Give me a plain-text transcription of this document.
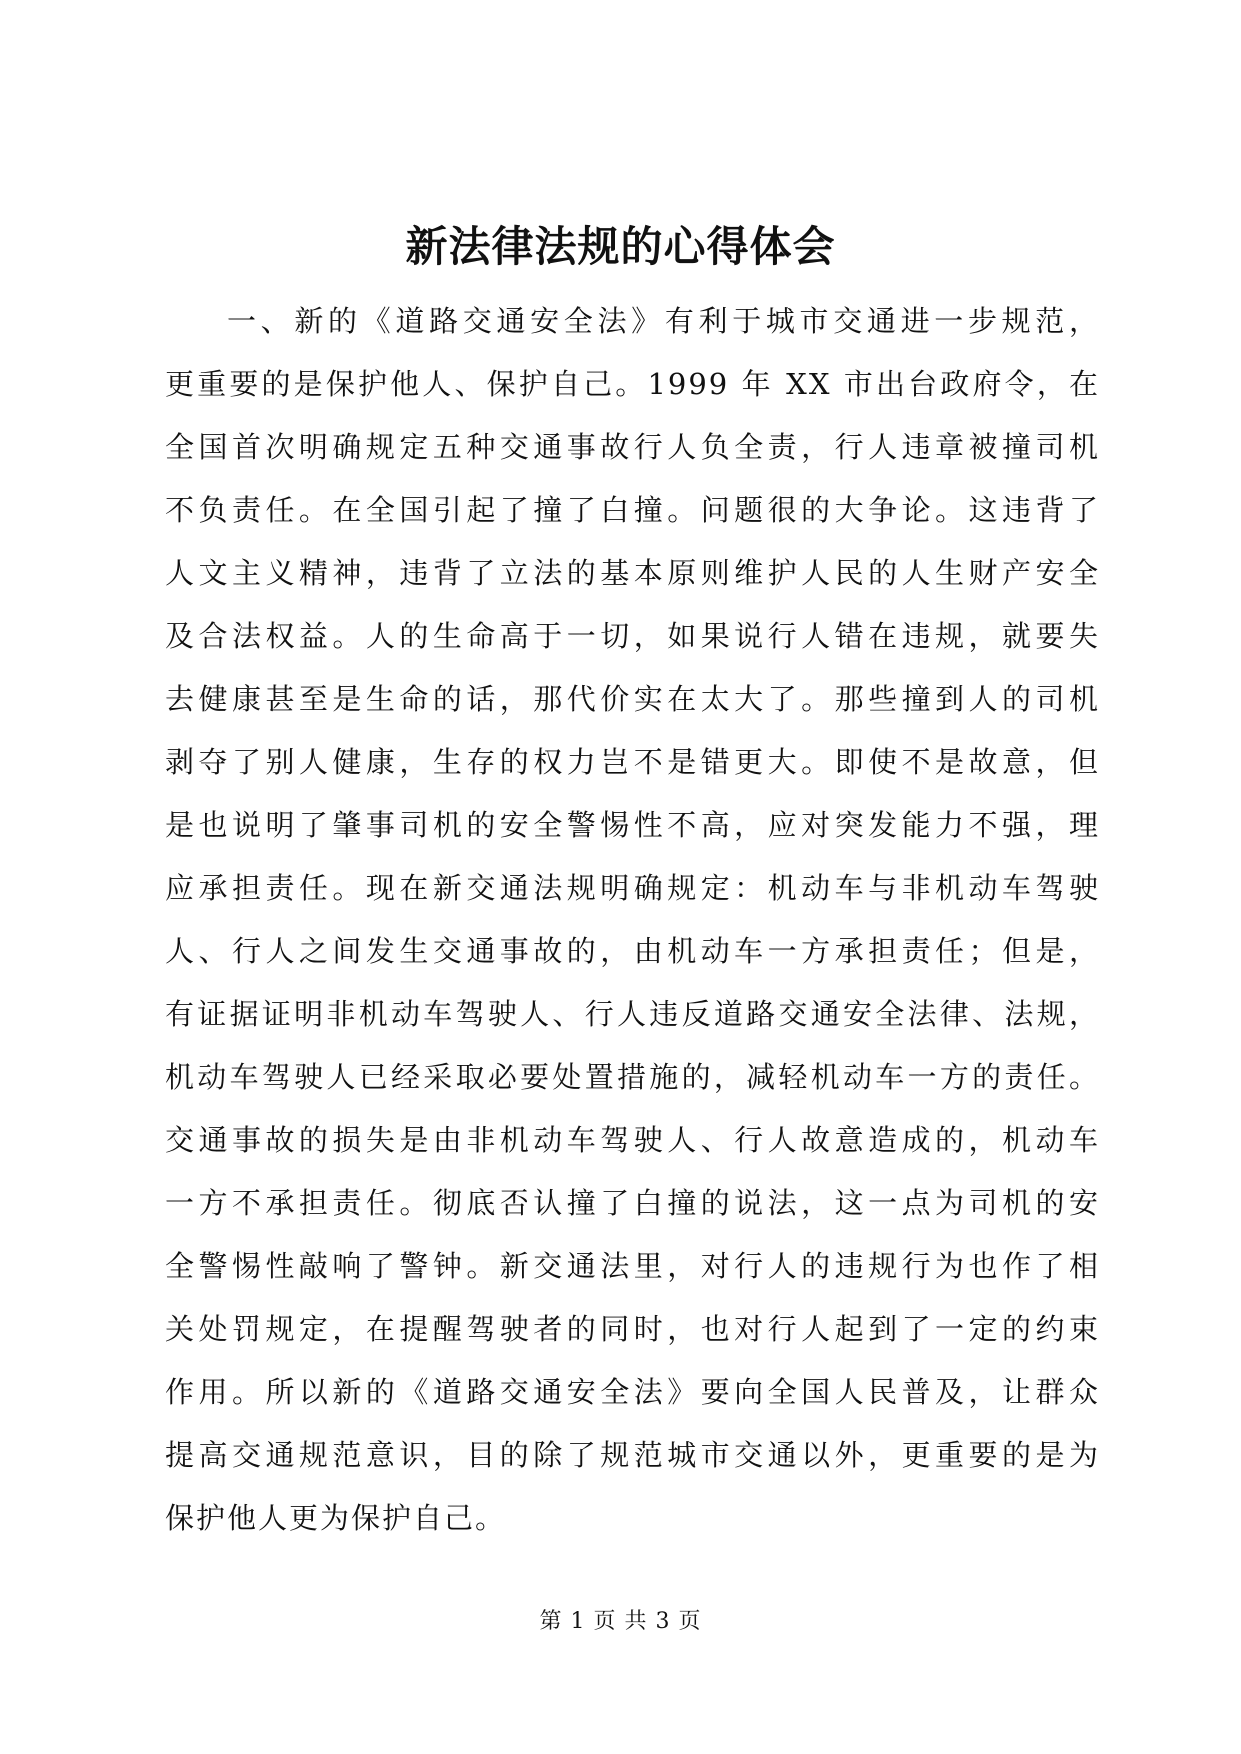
新法律法规的心得体会
一、新的《道路交通安全法》有利于城市交通进一步规范，
更重要的是保护他人、保护自己。1999 年 XX 市出台政府令，在
全国首次明确规定五种交通事故行人负全责，行人违章被撞司机
不负责任。在全国引起了撞了白撞。问题很的大争论。这违背了
人文主义精神，违背了立法的基本原则维护人民的人生财产安全
及合法权益。人的生命高于一切，如果说行人错在违规，就要失
去健康甚至是生命的话，那代价实在太大了。那些撞到人的司机
剥夺了别人健康，生存的权力岂不是错更大。即使不是故意，但
是也说明了肇事司机的安全警惕性不高，应对突发能力不强，理
应承担责任。现在新交通法规明确规定：机动车与非机动车驾驶
人、行人之间发生交通事故的，由机动车一方承担责任；但是，
有证据证明非机动车驾驶人、行人违反道路交通安全法律、法规，
机动车驾驶人已经采取必要处置措施的，减轻机动车一方的责任。
交通事故的损失是由非机动车驾驶人、行人故意造成的，机动车
一方不承担责任。彻底否认撞了白撞的说法，这一点为司机的安
全警惕性敲响了警钟。新交通法里，对行人的违规行为也作了相
关处罚规定，在提醒驾驶者的同时，也对行人起到了一定的约束
作用。所以新的《道路交通安全法》要向全国人民普及，让群众
提高交通规范意识，目的除了规范城市交通以外，更重要的是为
保护他人更为保护自己。
第 1 页 共 3 页
